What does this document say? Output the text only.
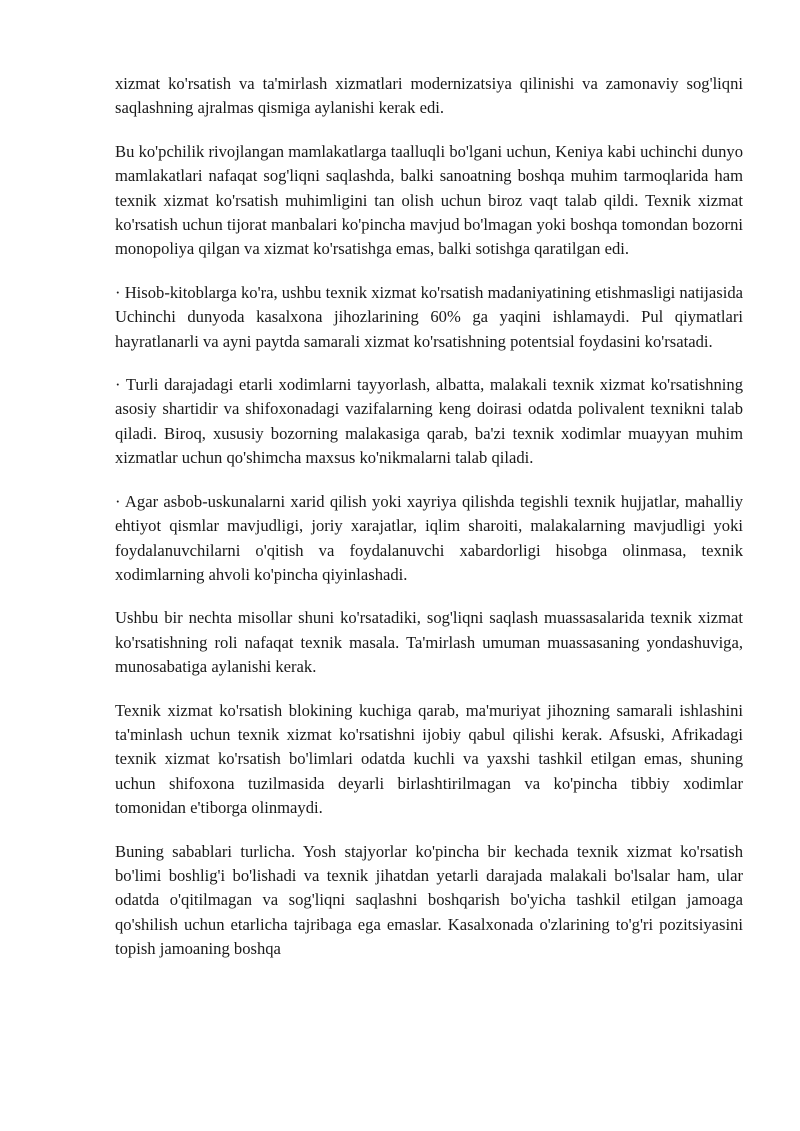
xizmat ko'rsatish va ta'mirlash xizmatlari modernizatsiya qilinishi va zamonaviy sog'liqni saqlashning ajralmas qismiga aylanishi kerak edi.

Bu ko'pchilik rivojlangan mamlakatlarga taalluqli bo'lgani uchun, Keniya kabi uchinchi dunyo mamlakatlari nafaqat sog'liqni saqlashda, balki sanoatning boshqa muhim tarmoqlarida ham texnik xizmat ko'rsatish muhimligini tan olish uchun biroz vaqt talab qildi. Texnik xizmat ko'rsatish uchun tijorat manbalari ko'pincha mavjud bo'lmagan yoki boshqa tomondan bozorni monopoliya qilgan va xizmat ko'rsatishga emas, balki sotishga qaratilgan edi.

· Hisob-kitoblarga ko'ra, ushbu texnik xizmat ko'rsatish madaniyatining etishmasligi natijasida Uchinchi dunyoda kasalxona jihozlarining 60% ga yaqini ishlamaydi. Pul qiymatlari hayratlanarli va ayni paytda samarali xizmat ko'rsatishning potentsial foydasini ko'rsatadi.

· Turli darajadagi etarli xodimlarni tayyorlash, albatta, malakali texnik xizmat ko'rsatishning asosiy shartidir va shifoxonadagi vazifalarning keng doirasi odatda polivalent texnikni talab qiladi. Biroq, xususiy bozorning malakasiga qarab, ba'zi texnik xodimlar muayyan muhim xizmatlar uchun qo'shimcha maxsus ko'nikmalarni talab qiladi.

· Agar asbob-uskunalarni xarid qilish yoki xayriya qilishda tegishli texnik hujjatlar, mahalliy ehtiyot qismlar mavjudligi, joriy xarajatlar, iqlim sharoiti, malakalarning mavjudligi yoki foydalanuvchilarni o'qitish va foydalanuvchi xabardorligi hisobga olinmasa, texnik xodimlarning ahvoli ko'pincha qiyinlashadi.

Ushbu bir nechta misollar shuni ko'rsatadiki, sog'liqni saqlash muassasalarida texnik xizmat ko'rsatishning roli nafaqat texnik masala. Ta'mirlash umuman muassasaning yondashuviga, munosabatiga aylanishi kerak.

Texnik xizmat ko'rsatish blokining kuchiga qarab, ma'muriyat jihozning samarali ishlashini ta'minlash uchun texnik xizmat ko'rsatishni ijobiy qabul qilishi kerak. Afsuski, Afrikadagi texnik xizmat ko'rsatish bo'limlari odatda kuchli va yaxshi tashkil etilgan emas, shuning uchun shifoxona tuzilmasida deyarli birlashtirilmagan va ko'pincha tibbiy xodimlar tomonidan e'tiborga olinmaydi.

Buning sabablari turlicha. Yosh stajyorlar ko'pincha bir kechada texnik xizmat ko'rsatish bo'limi boshlig'i bo'lishadi va texnik jihatdan yetarli darajada malakali bo'lsalar ham, ular odatda o'qitilmagan va sog'liqni saqlashni boshqarish bo'yicha tashkil etilgan jamoaga qo'shilish uchun etarlicha tajribaga ega emaslar. Kasalxonada o'zlarining to'g'ri pozitsiyasini topish jamoaning boshqa
